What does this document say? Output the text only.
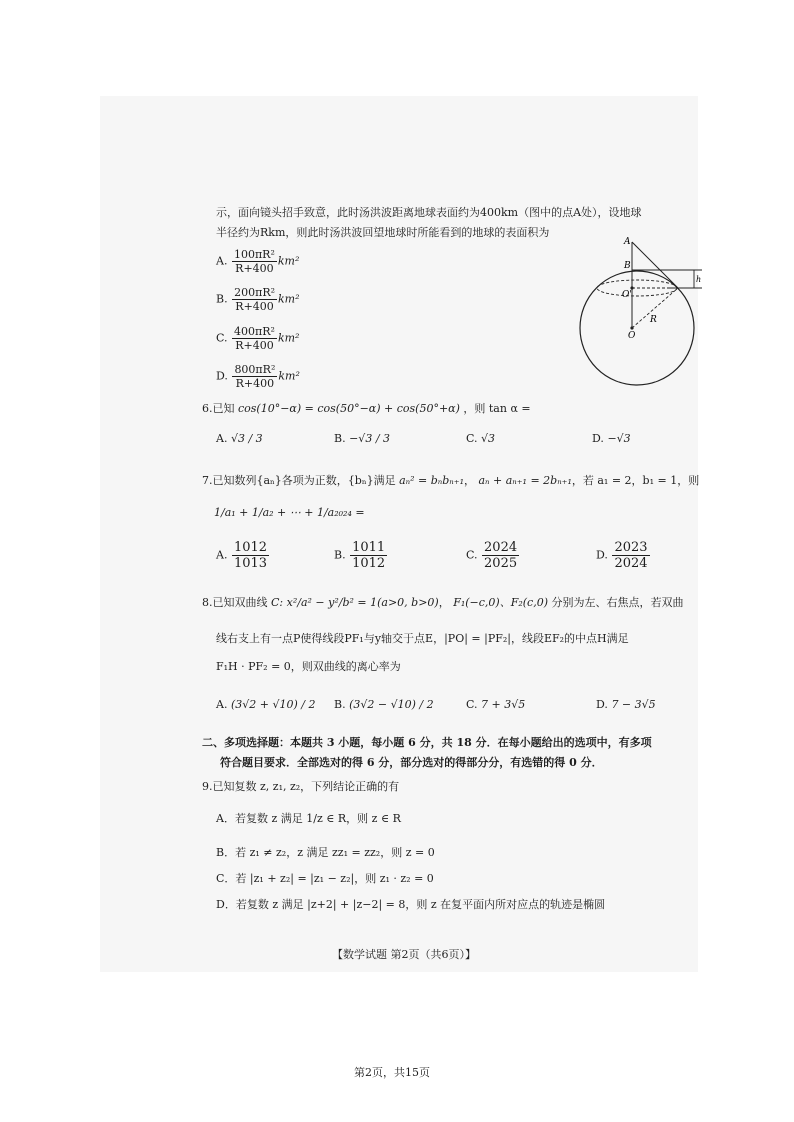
示，面向镜头招手致意，此时汤洪波距离地球表面约为400km（图中的点A处），设地球
半径约为Rkm，则此时汤洪波回望地球时所能看到的地球的表面积为
A. $\frac{\text{100πR²}}{R+400} km^2$
B. $\frac{\text{200πR²}}{R+400} km^2$
C. $\frac{\text{400πR²}}{R+400} km^2$
D. $\frac{\text{800πR²}}{R+400} km^2$
A
B
O'
O
R
h
6.已知 cos(10°−α) = cos(50°−α) + cos(50°+α) ，则 tan α =
A. √3 / 3	B. −√3 / 3	C. √3	D. −√3
7.已知数列{aₙ}各项为正数，{bₙ}满足 aₙ² = bₙbₙ₊₁， aₙ + aₙ₊₁ = 2bₙ₊₁，若 a₁ = 2，b₁ = 1，则
1/a₁ + 1/a₂ + ⋯ + 1/a₂₀₂₄ =
A. $\frac{1012}{1013}$	B. $\frac{1011}{1012}$	C. $\frac{2024}{2025}$	D. $\frac{2023}{2024}$
8.已知双曲线 C: x²/a² − y²/b² = 1(a>0, b>0)， F₁(−c,0)、F₂(c,0) 分别为左、右焦点，若双曲
线右支上有一点P使得线段PF₁与y轴交于点E，|PO| = |PF₂|，线段EF₂的中点H满足
F₁H · PF₂ = 0，则双曲线的离心率为
A. (3√2 + √10) / 2 B. (3√2 − √10) / 2	C. 7 + 3√5	D. 7 − 3√5
二、多项选择题：本题共 3 小题，每小题 6 分，共 18 分．在每小题给出的选项中，有多项
符合题目要求．全部选对的得 6 分，部分选对的得部分分，有选错的得 0 分．
9.已知复数 z, z₁, z₂，下列结论正确的有
A．若复数 z 满足 1/z ∈ R，则 z ∈ R
B．若 z₁ ≠ z₂，z 满足 zz₁ = zz₂，则 z = 0
C．若 |z₁ + z₂| = |z₁ − z₂|，则 z₁ · z₂ = 0
D．若复数 z 满足 |z+2| + |z−2| = 8，则 z 在复平面内所对应点的轨迹是椭圆
【数学试题 第2页（共6页）】
第2页，共15页
